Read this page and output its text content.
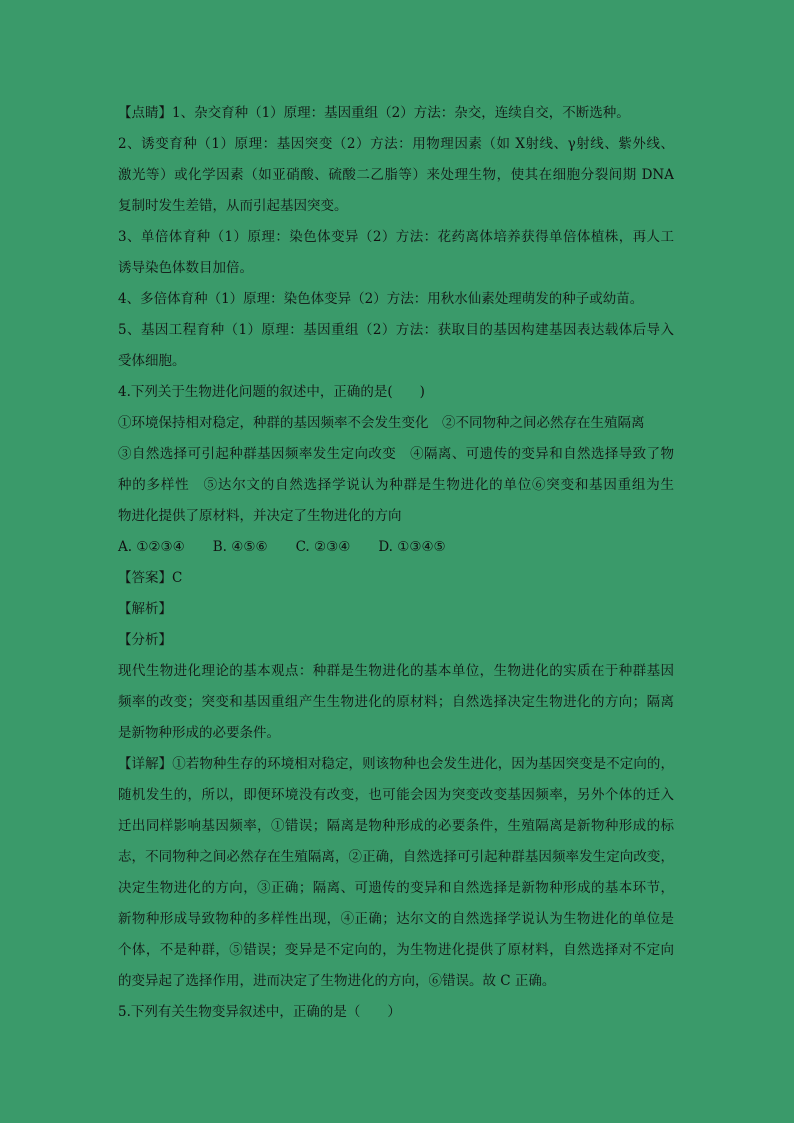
【点睛】1、杂交育种（1）原理：基因重组（2）方法：杂交，连续自交，不断选种。
2、诱变育种（1）原理：基因突变（2）方法：用物理因素（如 X射线、γ射线、紫外线、
激光等）或化学因素（如亚硝酸、硫酸二乙脂等）来处理生物，使其在细胞分裂间期 DNA
复制时发生差错，从而引起基因突变。
3、单倍体育种（1）原理：染色体变异（2）方法：花药离体培养获得单倍体植株，再人工
诱导染色体数目加倍。
4、多倍体育种（1）原理：染色体变异（2）方法：用秋水仙素处理萌发的种子或幼苗。
5、基因工程育种（1）原理：基因重组（2）方法：获取目的基因构建基因表达载体后导入
受体细胞。
4.下列关于生物进化问题的叙述中，正确的是(　　)
①环境保持相对稳定，种群的基因频率不会发生变化　②不同物种之间必然存在生殖隔离
③自然选择可引起种群基因频率发生定向改变　④隔离、可遗传的变异和自然选择导致了物
种的多样性　⑤达尔文的自然选择学说认为种群是生物进化的单位⑥突变和基因重组为生
物进化提供了原材料，并决定了生物进化的方向
A. ①②③④ B. ④⑤⑥ C. ②③④ D. ①③④⑤
【答案】C
【解析】
【分析】
现代生物进化理论的基本观点：种群是生物进化的基本单位，生物进化的实质在于种群基因
频率的改变；突变和基因重组产生生物进化的原材料；自然选择决定生物进化的方向；隔离
是新物种形成的必要条件。
【详解】①若物种生存的环境相对稳定，则该物种也会发生进化，因为基因突变是不定向的，
随机发生的，所以，即便环境没有改变，也可能会因为突变改变基因频率，另外个体的迁入
迁出同样影响基因频率，①错误；隔离是物种形成的必要条件，生殖隔离是新物种形成的标
志，不同物种之间必然存在生殖隔离，②正确，自然选择可引起种群基因频率发生定向改变，
决定生物进化的方向，③正确；隔离、可遗传的变异和自然选择是新物种形成的基本环节，
新物种形成导致物种的多样性出现，④正确；达尔文的自然选择学说认为生物进化的单位是
个体，不是种群，⑤错误；变异是不定向的，为生物进化提供了原材料，自然选择对不定向
的变异起了选择作用，进而决定了生物进化的方向，⑥错误。故 C 正确。
5.下列有关生物变异叙述中，正确的是（　　）
